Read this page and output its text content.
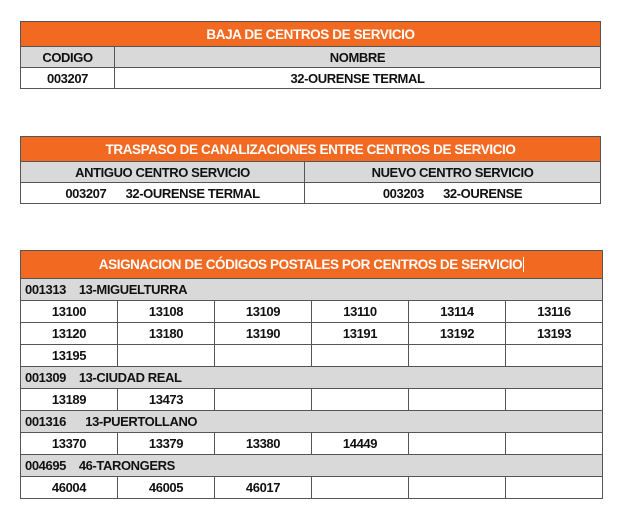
BAJA DE CENTROS DE SERVICIO	
CODIGO	NOMBRE
003207	32-OURENSE TERMAL
TRASPASO DE CANALIZACIONES ENTRE CENTROS DE SERVICIO	
ANTIGUO CENTRO SERVICIO	NUEVO CENTRO SERVICIO
003207      32-OURENSE TERMAL	003203      32-OURENSE
ASIGNACION DE CÓDIGOS POSTALES POR CENTROS DE SERVICIO					
001313    13-MIGUELTURRA					
13100	13108	13109	13110	13114	13116
13120	13180	13190	13191	13192	13193
13195					
001309    13-CIUDAD REAL					
13189	13473				
001316      13-PUERTOLLANO					
13370	13379	13380	14449		
004695    46-TARONGERS					
46004	46005	46017			
